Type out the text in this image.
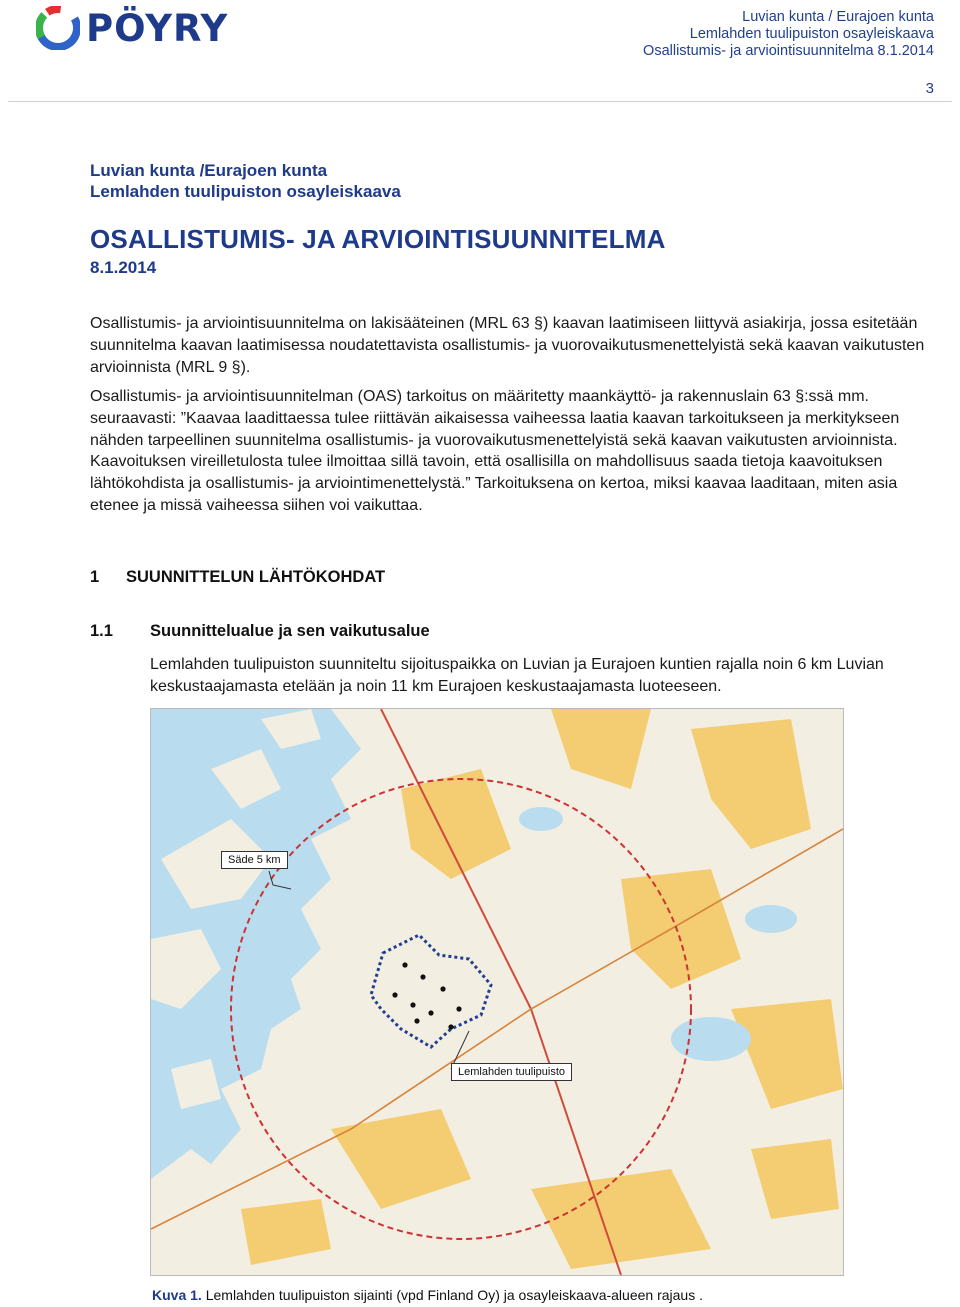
PÖYRY	Luvian kunta / Eurajoen kunta
Lemlahden tuulipuiston osayleiskaava
Osallistumis- ja arviointisuunnitelma 8.1.2014
3
Luvian kunta /Eurajoen kunta
Lemlahden tuulipuiston osayleiskaava
OSALLISTUMIS- JA ARVIOINTISUUNNITELMA
8.1.2014
Osallistumis- ja arviointisuunnitelma on lakisääteinen (MRL 63 §) kaavan laatimiseen liittyvä asiakirja, jossa esitetään suunnitelma kaavan laatimisessa noudatettavista osallistumis- ja vuorovaikutusmenettelyistä sekä kaavan vaikutusten arvioinnista (MRL 9 §).
Osallistumis- ja arviointisuunnitelman (OAS) tarkoitus on määritetty maankäyttö- ja rakennuslain 63 §:ssä mm. seuraavasti: ”Kaavaa laadittaessa tulee riittävän aikaisessa vaiheessa laatia kaavan tarkoitukseen ja merkitykseen nähden tarpeellinen suunnitelma osallistumis- ja vuorovaikutusmenettelyistä sekä kaavan vaikutusten arvioinnista. Kaavoituksen vireilletulosta tulee ilmoittaa sillä tavoin, että osallisilla on mahdollisuus saada tietoja kaavoituksen lähtökohdista ja osallistumis- ja arviointimenettelystä.” Tarkoituksena on kertoa, miksi kaavaa laaditaan, miten asia etenee ja missä vaiheessa siihen voi vaikuttaa.
1 SUUNNITTELUN LÄHTÖKOHDAT
1.1 Suunnittelualue ja sen vaikutusalue
Lemlahden tuulipuiston suunniteltu sijoituspaikka on Luvian ja Eurajoen kuntien rajalla noin 6 km Luvian keskustaajamasta etelään ja noin 11 km Eurajoen keskustaajamasta luoteeseen.
Säde 5 km
Lemlahden tuulipuisto
Kuva 1. Lemlahden tuulipuiston sijainti (vpd Finland Oy) ja osayleiskaava-alueen rajaus .
